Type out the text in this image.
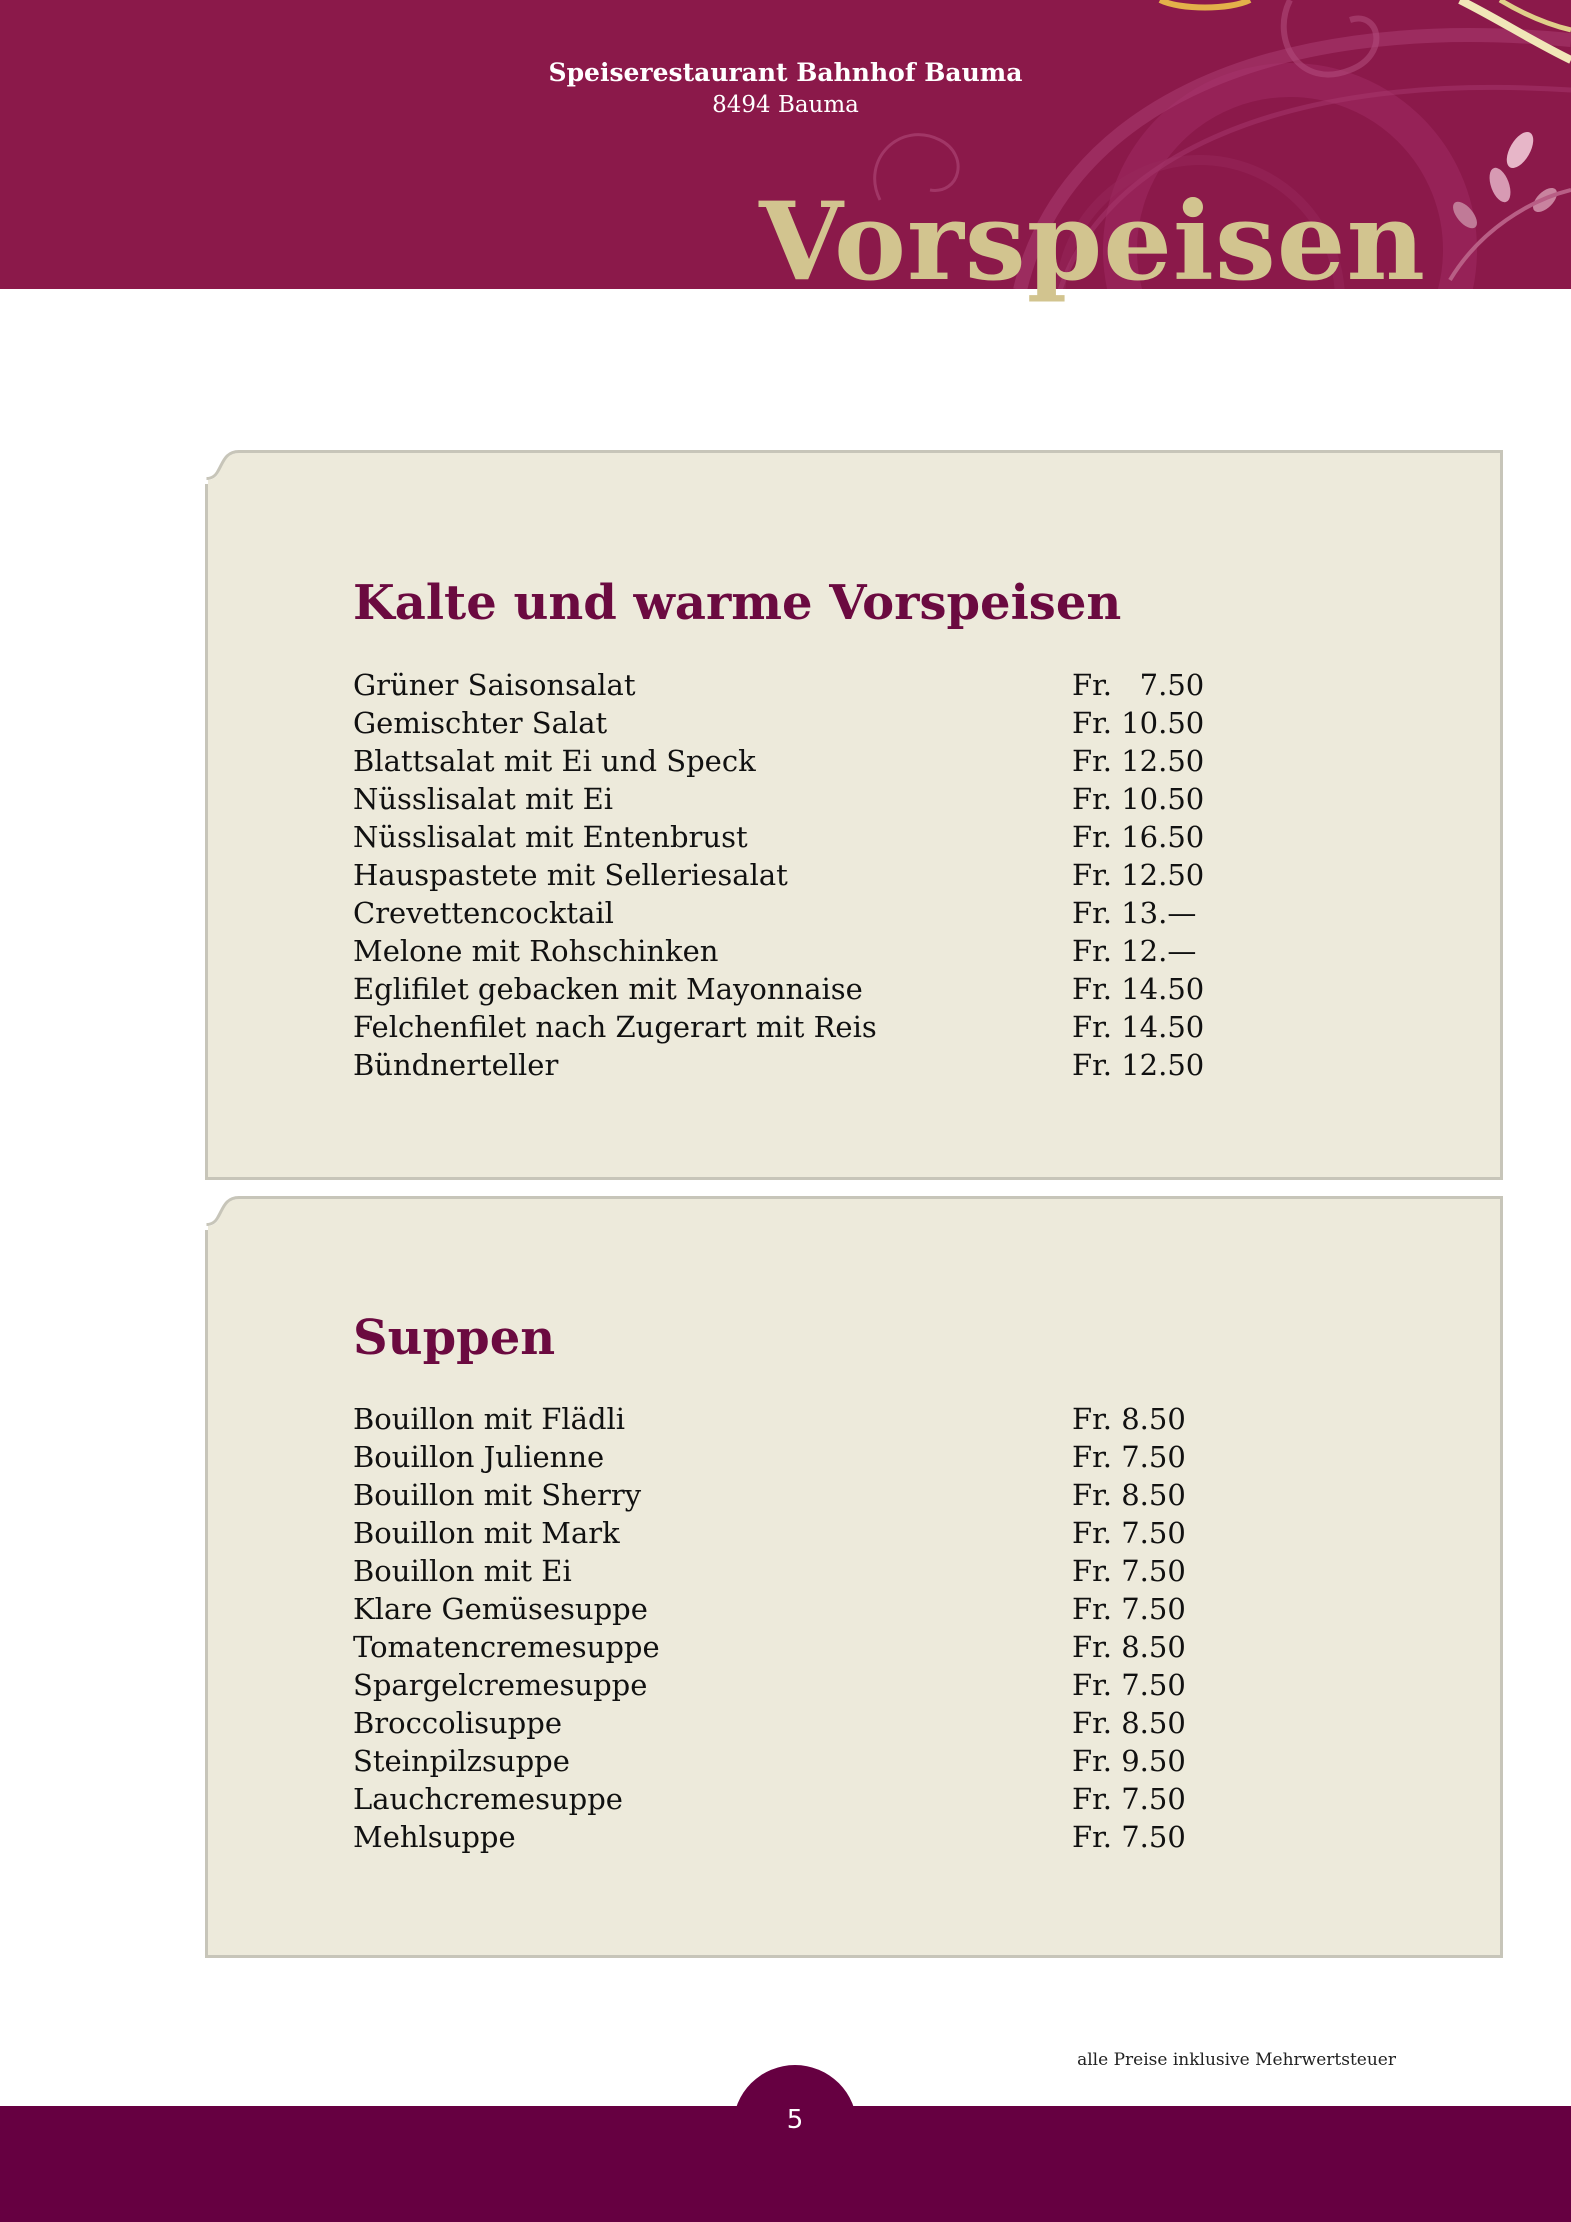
Speiserestaurant Bahnhof Bauma
8494 Bauma
Vorspeisen
Kalte und warme Vorspeisen
Grüner Saisonsalat	Fr.   7.50
Gemischter Salat	Fr. 10.50
Blattsalat mit Ei und Speck	Fr. 12.50
Nüsslisalat mit Ei	Fr. 10.50
Nüsslisalat mit Entenbrust	Fr. 16.50
Hauspastete mit Selleriesalat	Fr. 12.50
Crevettencocktail	Fr. 13.—
Melone mit Rohschinken	Fr. 12.—
Eglifilet gebacken mit Mayonnaise	Fr. 14.50
Felchenfilet nach Zugerart mit Reis	Fr. 14.50
Bündnerteller	Fr. 12.50
Suppen
Bouillon mit Flädli	Fr. 8.50
Bouillon Julienne	Fr. 7.50
Bouillon mit Sherry	Fr. 8.50
Bouillon mit Mark	Fr. 7.50
Bouillon mit Ei	Fr. 7.50
Klare Gemüsesuppe	Fr. 7.50
Tomatencremesuppe	Fr. 8.50
Spargelcremesuppe	Fr. 7.50
Broccolisuppe	Fr. 8.50
Steinpilzsuppe	Fr. 9.50
Lauchcremesuppe	Fr. 7.50
Mehlsuppe	Fr. 7.50
alle Preise inklusive Mehrwertsteuer
5
